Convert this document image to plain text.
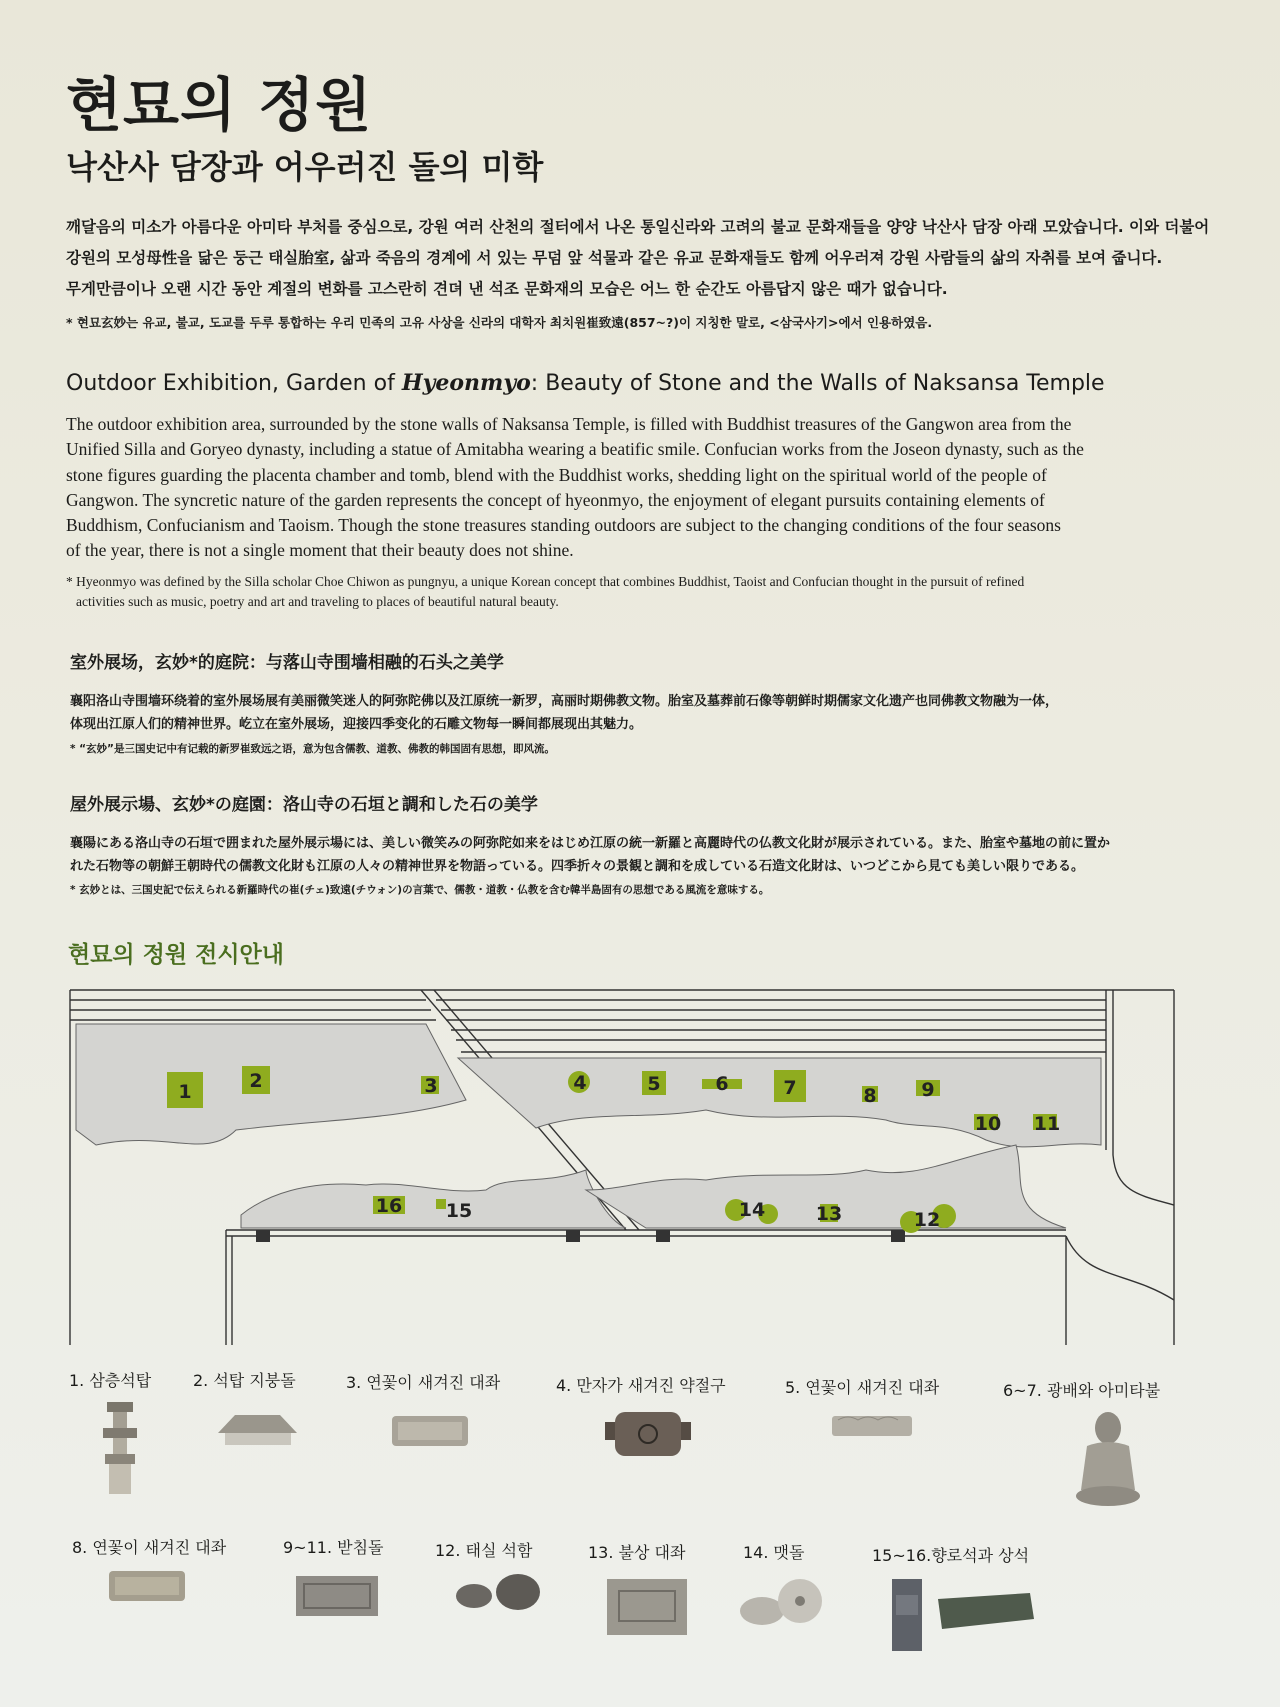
현묘의 정원
낙산사 담장과 어우러진 돌의 미학

깨달음의 미소가 아름다운 아미타 부처를 중심으로, 강원 여러 산천의 절터에서 나온 통일신라와 고려의 불교 문화재들을 양양 낙산사 담장 아래 모았습니다. 이와 더불어

강원의 모성母性을 닮은 둥근 태실胎室, 삶과 죽음의 경계에 서 있는 무덤 앞 석물과 같은 유교 문화재들도 함께 어우러져 강원 사람들의 삶의 자취를 보여 줍니다.

무게만큼이나 오랜 시간 동안 계절의 변화를 고스란히 견뎌 낸 석조 문화재의 모습은 어느 한 순간도 아름답지 않은 때가 없습니다.

* 현묘玄妙는 유교, 불교, 도교를 두루 통합하는 우리 민족의 고유 사상을 신라의 대학자 최치원崔致遠(857~?)이 지칭한 말로, <삼국사기>에서 인용하였음.
Outdoor Exhibition, Garden of Hyeonmyo: Beauty of Stone and the Walls of Naksansa Temple

The outdoor exhibition area, surrounded by the stone walls of Naksansa Temple, is filled with Buddhist treasures of the Gangwon area from the

Unified Silla and Goryeo dynasty, including a statue of Amitabha wearing a beatific smile. Confucian works from the Joseon dynasty, such as the

stone figures guarding the placenta chamber and tomb, blend with the Buddhist works, shedding light on the spiritual world of the people of

Gangwon. The syncretic nature of the garden represents the concept of hyeonmyo, the enjoyment of elegant pursuits containing elements of

Buddhism, Confucianism and Taoism. Though the stone treasures standing outdoors are subject to the changing conditions of the four seasons

of the year, there is not a single moment that their beauty does not shine.

* Hyeonmyo was defined by the Silla scholar Choe Chiwon as pungnyu, a unique Korean concept that combines Buddhist, Taoist and Confucian thought in the pursuit of refined

activities such as music, poetry and art and traveling to places of beautiful natural beauty.

室外展场，玄妙*的庭院：与落山寺围墙相融的石头之美学

襄阳洛山寺围墙环绕着的室外展场展有美丽微笑迷人的阿弥陀佛以及江原统一新罗，高丽时期佛教文物。胎室及墓葬前石像等朝鲜时期儒家文化遗产也同佛教文物融为一体，

体现出江原人们的精神世界。屹立在室外展场，迎接四季变化的石雕文物每一瞬间都展现出其魅力。

* “玄妙”是三国史记中有记载的新罗崔致远之语，意为包含儒教、道教、佛教的韩国固有思想，即风流。
屋外展示場、玄妙*の庭園：洛山寺の石垣と調和した石の美学

襄陽にある洛山寺の石垣で囲まれた屋外展示場には、美しい微笑みの阿弥陀如来をはじめ江原の統一新羅と高麗時代の仏教文化財が展示されている。また、胎室や墓地の前に置か

れた石物等の朝鮮王朝時代の儒教文化財も江原の人々の精神世界を物語っている。四季折々の景観と調和を成している石造文化財は、いつどこから見ても美しい限りである。

* 玄妙とは、三国史記で伝えられる新羅時代の崔(チェ)致遠(チウォン)の言葉で、儒教・道教・仏教を含む韓半島固有の思想である風流を意味する。
현묘의 정원 전시안내
1	2	3	4	5	6	7	8 9
10 11
16 15	14	13	12
1. 삼층석탑	2. 석탑 지붕돌	3. 연꽃이 새겨진 대좌	4. 만자가 새겨진 약절구	5. 연꽃이 새겨진 대좌	6~7. 광배와 아미타불
8. 연꽃이 새겨진 대좌	9~11. 받침돌	12. 태실 석함	13. 불상 대좌	14. 맷돌	15~16.향로석과 상석
